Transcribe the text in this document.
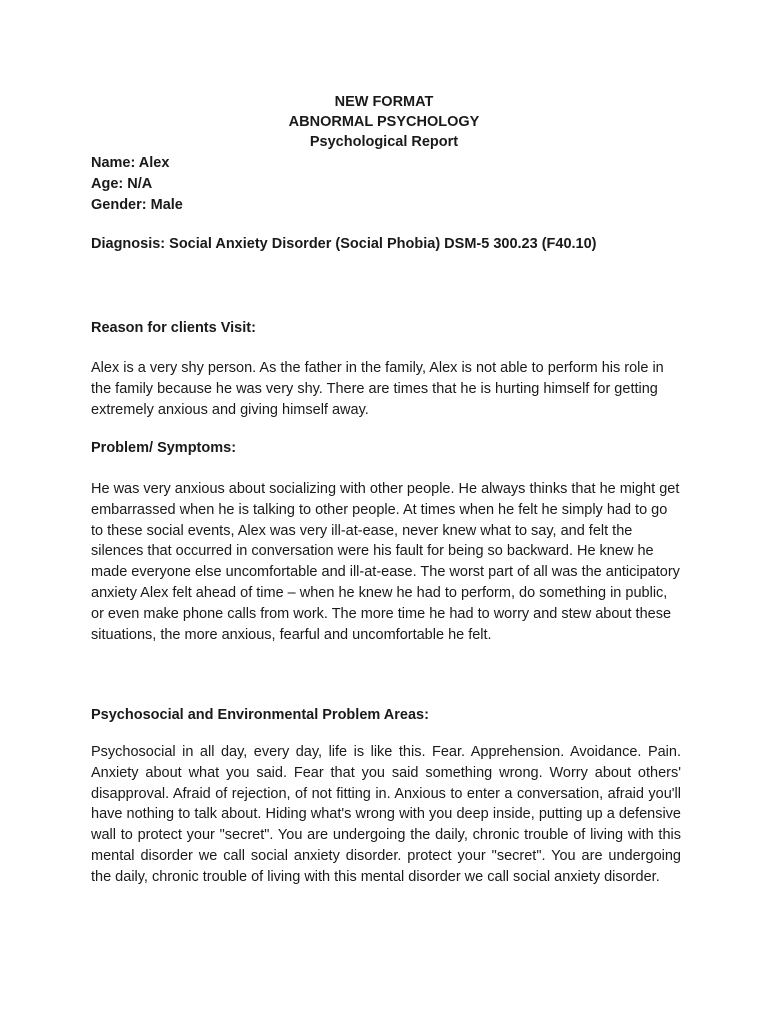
NEW FORMAT
ABNORMAL PSYCHOLOGY
Psychological Report
Name: Alex
Age: N/A
Gender: Male
Diagnosis: Social Anxiety Disorder (Social Phobia) DSM-5 300.23 (F40.10)
Reason for clients Visit:

Alex is a very shy person. As the father in the family, Alex is not able to perform his role in the family because he was very shy. There are times that he is hurting himself for getting extremely anxious and giving himself away.

Problem/ Symptoms:

He was very anxious about socializing with other people. He always thinks that he might get embarrassed when he is talking to other people. At times when he felt he simply had to go to these social events, Alex was very ill-at-ease, never knew what to say, and felt the silences that occurred in conversation were his fault for being so backward. He knew he made everyone else uncomfortable and ill-at-ease. The worst part of all was the anticipatory anxiety Alex felt ahead of time – when he knew he had to perform, do something in public, or even make phone calls from work. The more time he had to worry and stew about these situations, the more anxious, fearful and uncomfortable he felt.

Psychosocial and Environmental Problem Areas:

Psychosocial in all day, every day, life is like this. Fear. Apprehension. Avoidance. Pain. Anxiety about what you said. Fear that you said something wrong. Worry about others' disapproval. Afraid of rejection, of not fitting in. Anxious to enter a conversation, afraid you'll have nothing to talk about. Hiding what's wrong with you deep inside, putting up a defensive wall to protect your "secret". You are undergoing the daily, chronic trouble of living with this mental disorder we call social anxiety disorder. protect your "secret". You are undergoing the daily, chronic trouble of living with this mental disorder we call social anxiety disorder.
